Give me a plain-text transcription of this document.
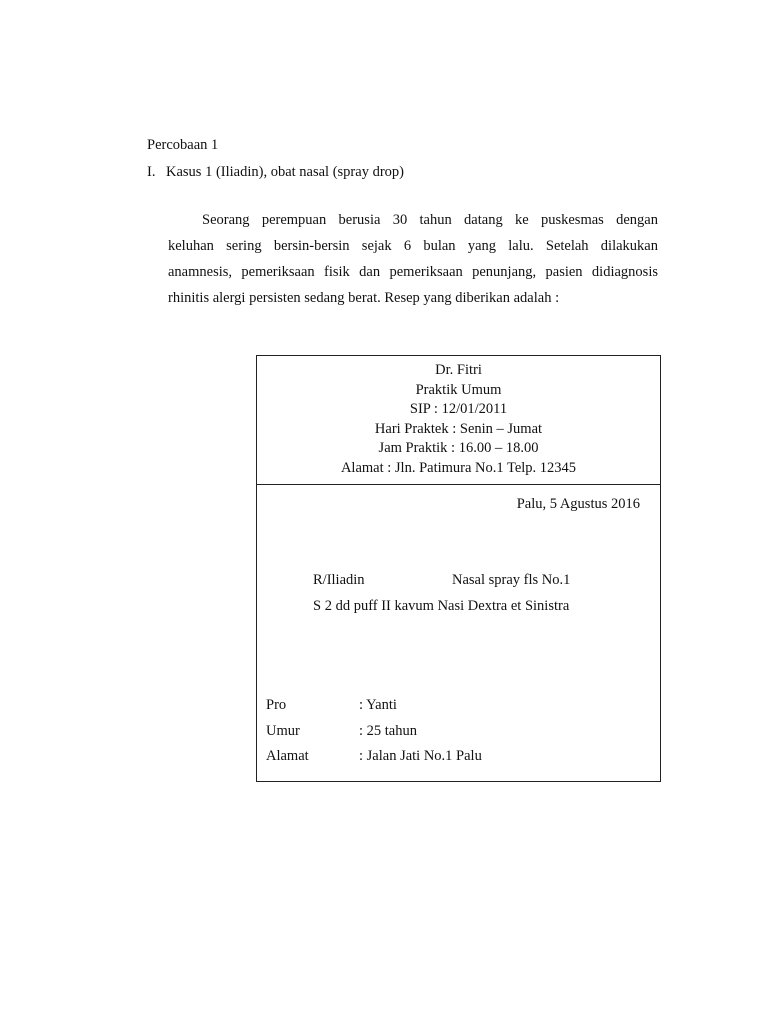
Percobaan 1
I. Kasus 1 (Iliadin), obat nasal (spray drop)
Seorang perempuan berusia 30 tahun datang ke puskesmas dengan
keluhan sering bersin-bersin sejak 6 bulan yang lalu. Setelah dilakukan
anamnesis, pemeriksaan fisik dan pemeriksaan penunjang, pasien didiagnosis
rhinitis alergi persisten sedang berat. Resep yang diberikan adalah :
Dr. Fitri
Praktik Umum
SIP : 12/01/2011
Hari Praktek : Senin – Jumat
Jam Praktik : 16.00 – 18.00
Alamat : Jln. Patimura No.1 Telp. 12345
Palu, 5 Agustus 2016
R/Iliadin	Nasal spray fls No.1
S 2 dd puff II kavum Nasi Dextra et Sinistra
Pro	: Yanti
Umur	: 25 tahun
Alamat	: Jalan Jati No.1 Palu
